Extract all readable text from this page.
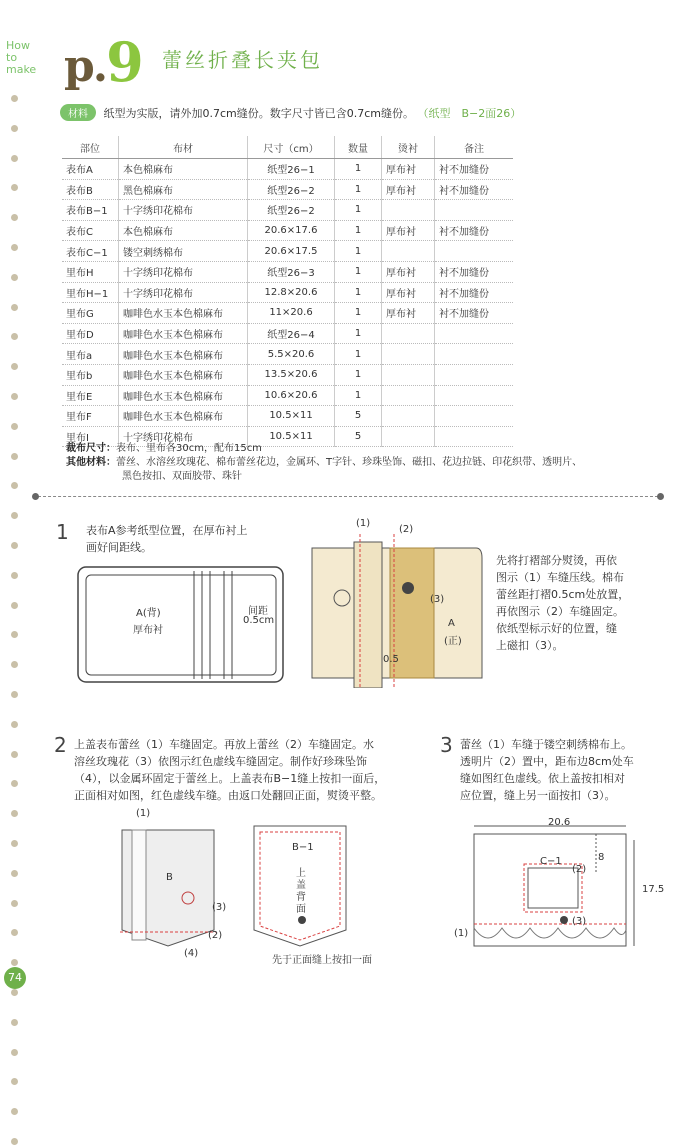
How
to
make p.9 蕾丝折叠长夹包
材料 纸型为实版，请外加0.7cm缝份。数字尺寸皆已含0.7cm缝份。 （纸型　B−2面26）
部位	布材	尺寸（cm）	数量	烫衬	备注
表布A	本色棉麻布	纸型26−1	1	厚布衬	衬不加缝份
表布B	黑色棉麻布	纸型26−2	1	厚布衬	衬不加缝份
表布B−1	十字绣印花棉布	纸型26−2	1		
表布C	本色棉麻布	20.6×17.6	1	厚布衬	衬不加缝份
表布C−1	镂空刺绣棉布	20.6×17.5	1		
里布H	十字绣印花棉布	纸型26−3	1	厚布衬	衬不加缝份
里布H−1	十字绣印花棉布	12.8×20.6	1	厚布衬	衬不加缝份
里布G	咖啡色水玉本色棉麻布	11×20.6	1	厚布衬	衬不加缝份
里布D	咖啡色水玉本色棉麻布	纸型26−4	1		
里布a	咖啡色水玉本色棉麻布	5.5×20.6	1		
里布b	咖啡色水玉本色棉麻布	13.5×20.6	1		
里布E	咖啡色水玉本色棉麻布	10.6×20.6	1		
里布F	咖啡色水玉本色棉麻布	10.5×11	5		
里布I	十字绣印花棉布	10.5×11	5		
裁布尺寸：表布、里布各30cm，配布15cm
其他材料：蕾丝、水溶丝玫瑰花、棉布蕾丝花边，金属环、T字针、珍珠坠饰、磁扣、花边拉链、印花织带、透明片、
黑色按扣、双面胶带、珠针
1 表布A参考纸型位置，在厚布衬上
画好间距线。
A(背)
厚布衬
间距
0.5cm
(1)
(2)
(3)
A
(正)
0.5
先将打褶部分熨烫，再依
图示（1）车缝压线。棉布
蕾丝距打褶0.5cm处放置，
再依图示（2）车缝固定。
依纸型标示好的位置，缝
上磁扣（3）。
2 上盖表布蕾丝（1）车缝固定。再放上蕾丝（2）车缝固定。水
溶丝玫瑰花（3）依图示红色虚线车缝固定。制作好珍珠坠饰
（4），以金属环固定于蕾丝上。上盖表布B−1缝上按扣一面后，
正面相对如图，红色虚线车缝。由返口处翻回正面，熨烫平整。
(1)
B
(3)
(2)
(4)
B−1
上
盖
背
面
先于正面缝上按扣一面
3 蕾丝（1）车缝于镂空刺绣棉布上。
透明片（2）置中，距布边8cm处车
缝如图红色虚线。依上盖按扣相对
应位置，缝上另一面按扣（3）。
20.6
17.5
8
C−1
(2)
(3)
(1)
74
